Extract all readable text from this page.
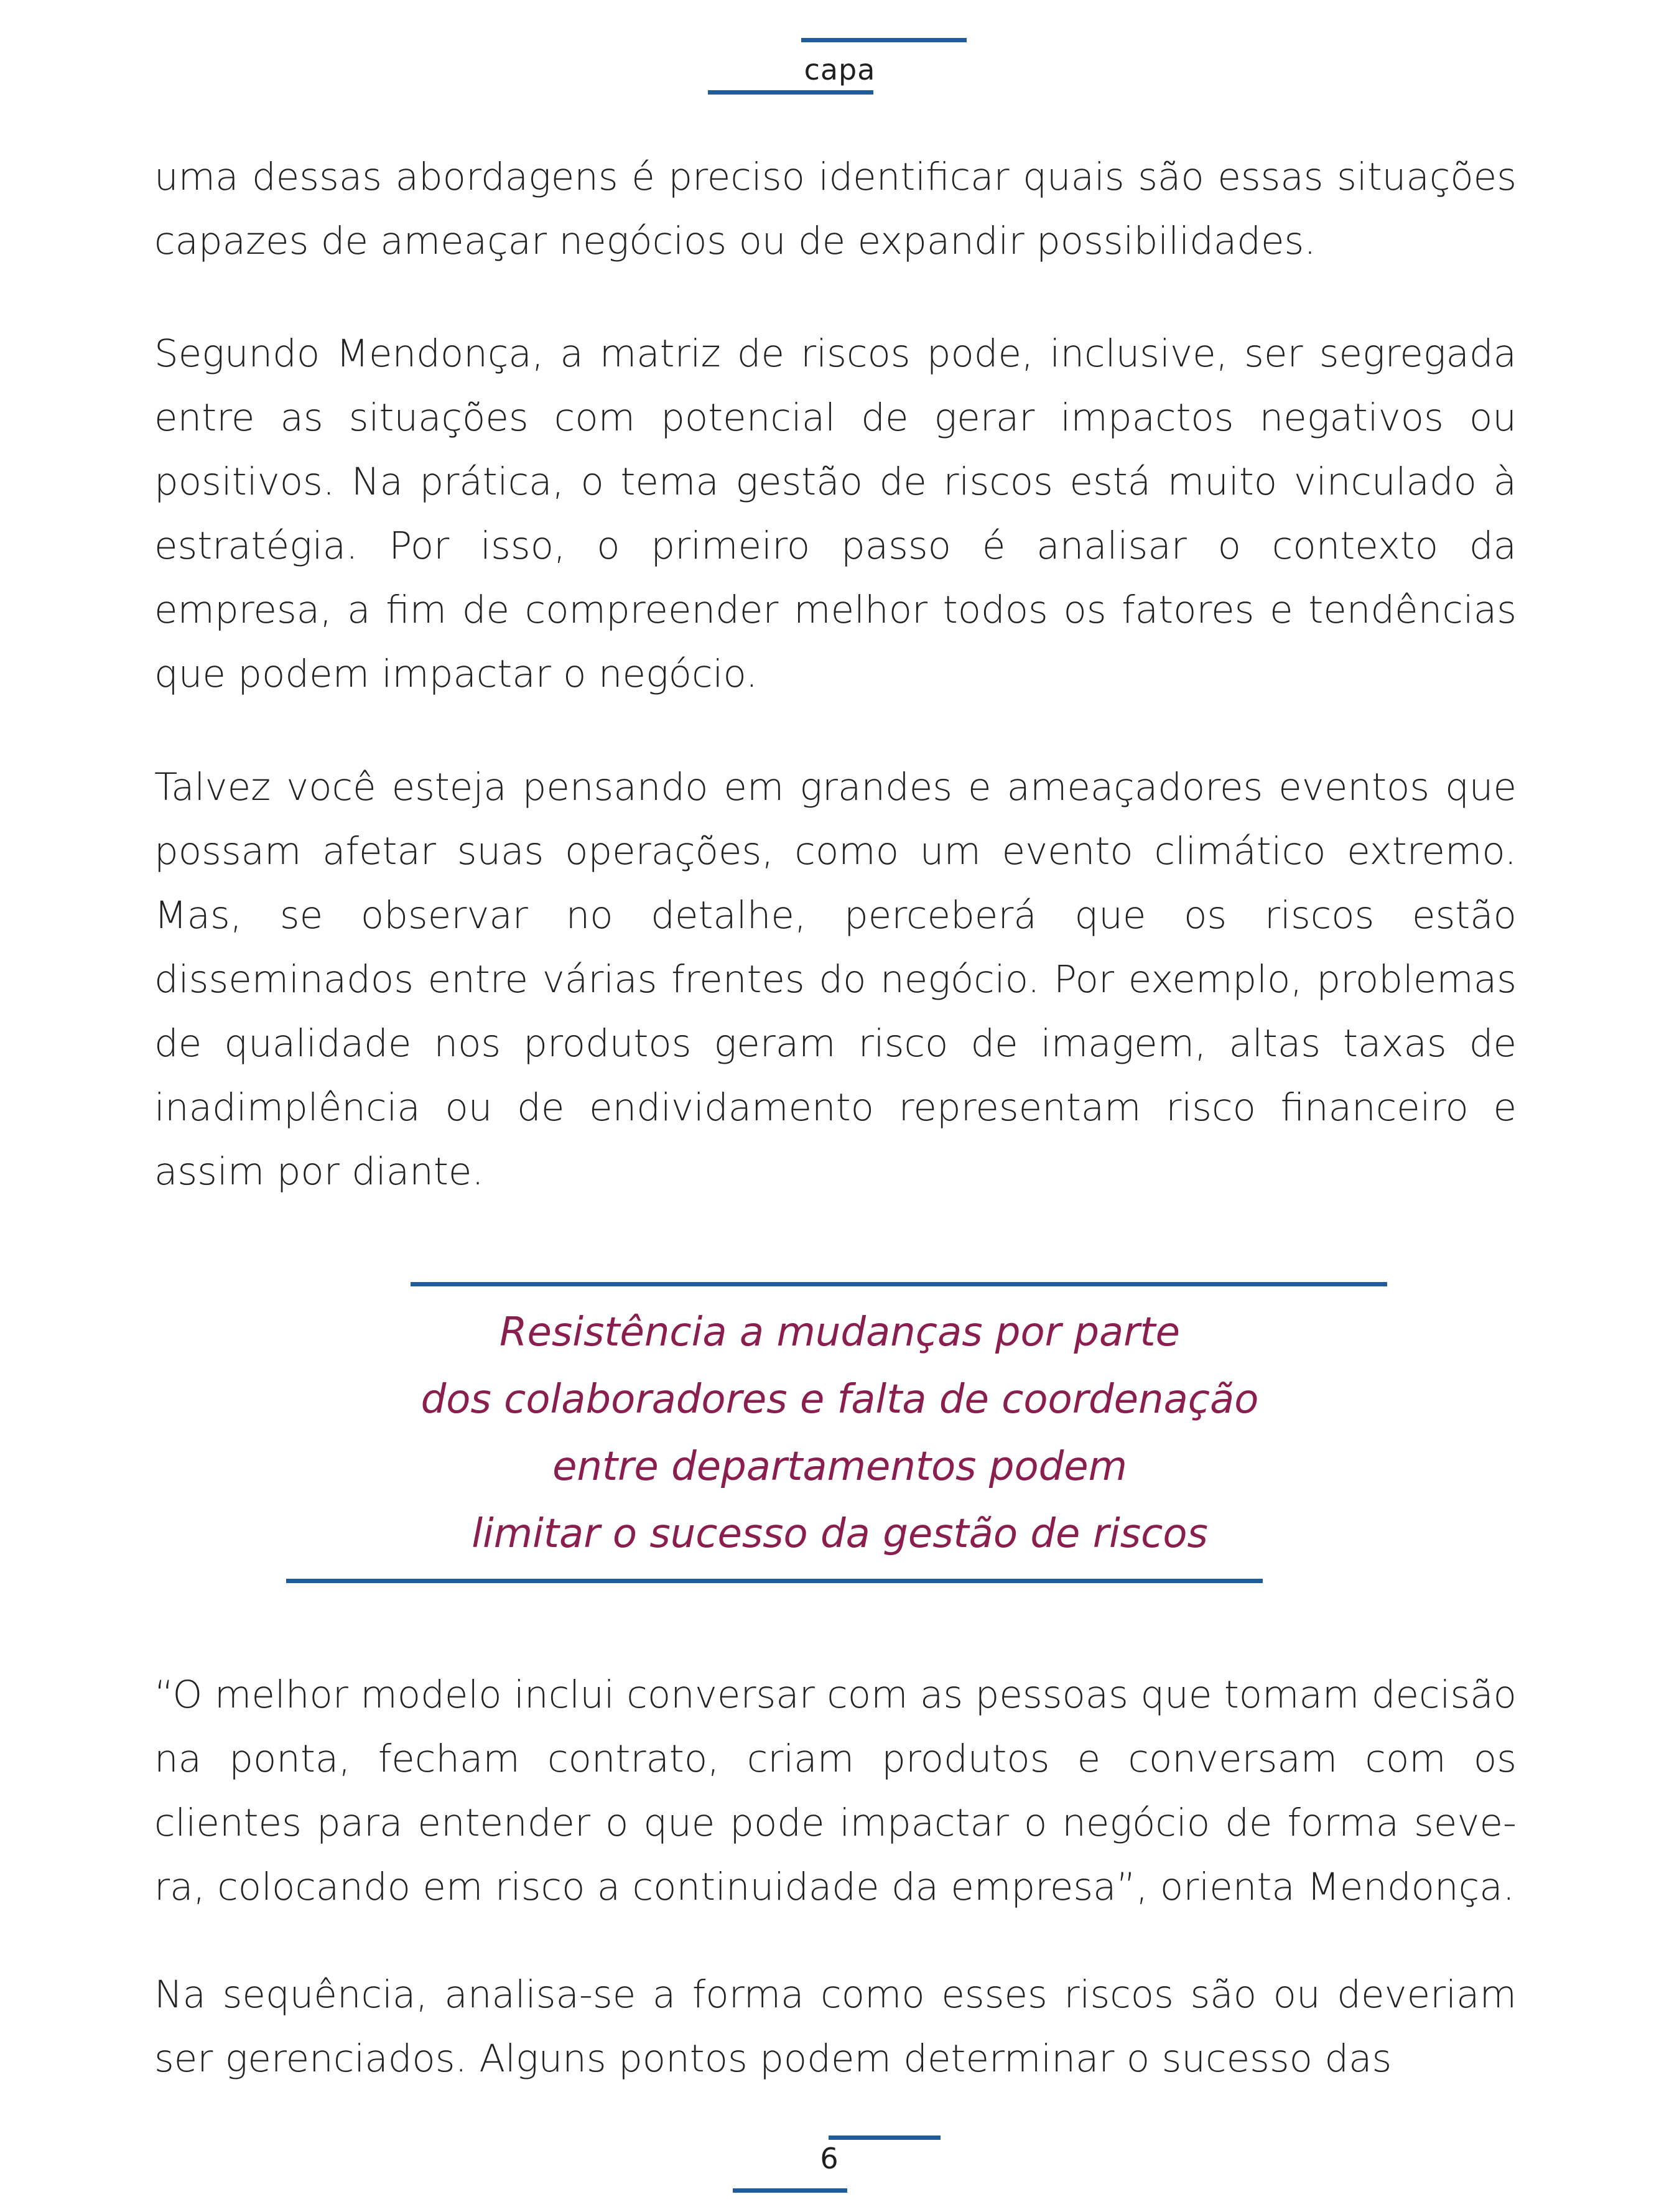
capa

uma dessas abordagens é preciso identificar quais são essas situações capazes de ameaçar negócios ou de expandir possibilidades.

Segundo Mendonça, a matriz de riscos pode, inclusive, ser segregada entre as situações com potencial de gerar impactos negativos ou positivos. Na prática, o tema gestão de riscos está muito vinculado à estratégia. Por isso, o primeiro passo é analisar o contexto da empresa, a fim de compreender melhor todos os fatores e tendências que podem impactar o negócio.

Talvez você esteja pensando em grandes e ameaçadores eventos que possam afetar suas operações, como um evento climático extremo. Mas, se observar no detalhe, perceberá que os riscos estão disseminados entre várias frentes do negócio. Por exemplo, problemas de qualidade nos produtos geram risco de imagem, altas taxas de inadimplência ou de endividamento representam risco financeiro e assim por diante.

Resistência a mudanças por parte
dos colaboradores e falta de coordenação
entre departamentos podem
limitar o sucesso da gestão de riscos

“O melhor modelo inclui conversar com as pessoas que tomam decisão na ponta, fecham contrato, criam produtos e conversam com os clientes para entender o que pode impactar o negócio de forma severa, colocando em risco a continuidade da empresa”, orienta Mendonça.

Na sequência, analisa-se a forma como esses riscos são ou deveriam ser gerenciados. Alguns pontos podem determinar o sucesso das

6
